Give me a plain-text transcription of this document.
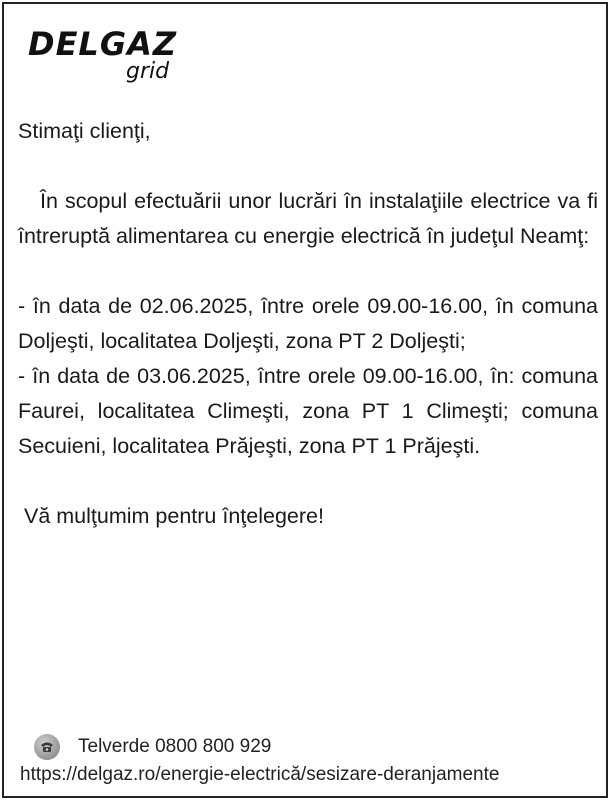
DELGAZ
grid

Stimaţi clienţi,

În scopul efectuării unor lucrări în instalaţiile electrice va fi întreruptă alimentarea cu energie electrică în judeţul Neamţ:

- în data de 02.06.2025, între orele 09.00-16.00, în comuna Doljeşti, localitatea Doljeşti, zona PT 2 Doljeşti;

- în data de 03.06.2025, între orele 09.00-16.00, în: comuna Faurei, localitatea Climeşti, zona PT 1 Climeşti; comuna Secuieni, localitatea Prăjeşti, zona PT 1 Prăjeşti.

Vă mulţumim pentru înţelegere!

Telverde 0800 800 929
https://delgaz.ro/energie-electrică/sesizare-deranjamente
